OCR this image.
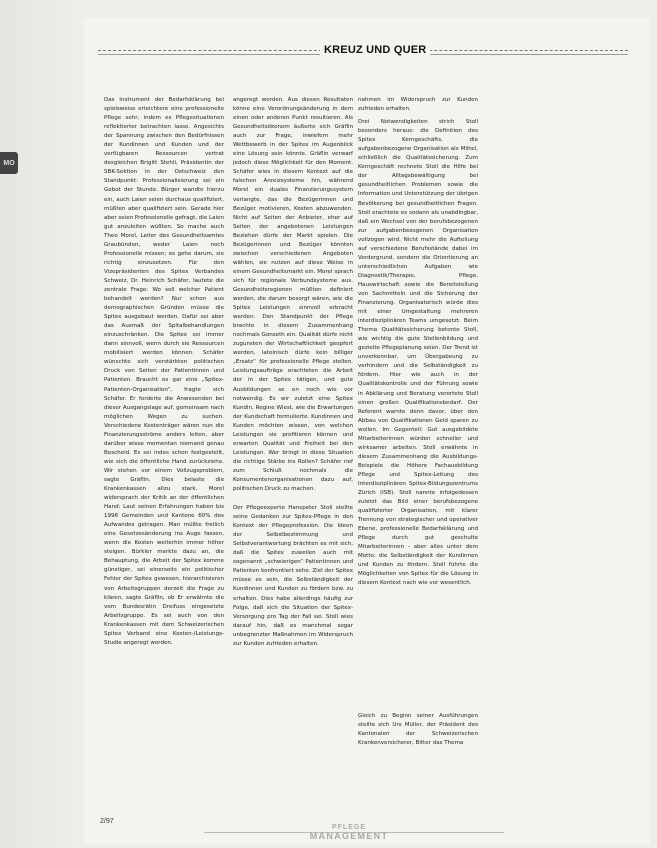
KREUZ UND QUER

Das Instrument der Bedarfsklärung bei spielsweise erleichtere eine professionelle Pflege sehr, indem es Pflegesituationen reflektierter betrachten lasse. Angesichts der Spannung zwischen den Bedürfnissen der Kundinnen und Kunden und der verfügbaren Ressourcen vertrat desgleichen Brigitt Stehli, Präsidentin der SBK-Sektion in der Ostschweiz den Standpunkt: Professionalisierung sei ein Gebot der Stunde. Bürger wandte hierzu ein, auch Laien seien durchaus qualifiziert, müßten aber qualifiziert sein. Gerade hier aber seien Professionelle gefragt, die Laien gut anzuleiten wüßten. So mache auch Theo Morel, Leiter des Gesundheitsamtes Graubünden, weder Laien noch Professionelle missen; es gehe darum, sie richtig einzusetzen. Für den Vizepräsidenten des Spitex Verbandes Schweiz, Dr. Heinrich Schäfer, lautete die zentrale Frage: Wo soll welcher Patient behandelt werden? Nur schon aus demographischen Gründen müsse die Spitex ausgebaut werden. Dafür sei aber das Ausmaß der Spitalbehandlungen einzuschränken. Die Spitex sei immer dann sinnvoll, wenn durch sie Ressourcen mobilisiert werden können. Schäfer wünschte sich verstärkten politischen Druck von Seiten der Patientinnen und Patienten. Braucht es gar eine „Spitex-Patienten-Organisation“, fragte sich Schäfer. Er forderte die Anwesenden bei dieser Ausgangslage auf, gemeinsam nach möglichen Wegen zu suchen. Verschiedene Kostenträger wären nun die Finanzierungsströme anders leiten, aber darüber wisse momentan niemand genau Bescheid. Es sei indes schon festgestellt, wie sich die öffentliche Hand zurückziehe. Wir stehen vor einem Vollzugsproblem, sagte Gräflin. Dies belaste die Krankenkassen allzu stark. Morel widersprach der Kritik an der öffentlichen Hand: Laut seinen Erfahrungen haben bis 1996 Gemeinden und Kantone 60% des Aufwandes getragen. Man müßte freilich eine Gesetzesänderung ins Auge fassen, wenn die Kosten weiterhin immer höher steigen. Bürkler merkte dazu an, die Behauptung, die Arbeit der Spitex komme günstiger, sei einerseits ein politischer Fehler der Spitex gewesen, hierarchisieren von Arbeitsgruppen derzeit die Frage zu klären, sagte Gräflin, ob Er erwähnte die vom Bundesrätin Dreifuss eingesetzte Arbeitsgruppe. Es sei auch von den Krankenkassen mit dem Schweizerischen Spitex Verband eine Kosten-/Leistungs-Studie angeregt worden.

angeregt worden. Aus diesen Resultaten könne eine Verordnungsänderung in dem einen oder anderen Punkt resultieren. Als Gesundheitsökonom äußerte sich Gräflin auch zur Frage, inwiefern mehr Wettbewerb in der Spitex im Augenblick eine Lösung sein könnte. Gräflin verwarf jedoch diese Möglichkeit für den Moment. Schäfer wies in diesem Kontext auf die falschen Anreizsysteme hin, während Morel ein duales Finanzierungssystem verlangte, das die Bezügerinnen und Bezüger motivieren, Kosten abzuwenden. Nicht auf Seiten der Anbieter, eher auf Seiten der angebotenen Leistungen Beziehen dürfe der Markt spielen. Die Bezügerinnen und Bezüger könnten zwischen verschiedenen Angeboten wählen, sie nutzen auf diese Weise in einem Gesundheitsmarkt ein. Morel sprach sich für regionale Verbundsysteme aus. Gesundheitsregionen müßten definiert werden, die darum besorgt wären, wie die Spitex Leistungen sinnvoll erbracht werden. Den Standpunkt der Pflege brachte in diesem Zusammenhang nochmals Gonseth ein. Qualität dürfe nicht zugunsten der Wirtschaftlichkeit geopfert werden, lateinisch dürfe kein billiger „Ersatz“ für professionelle Pflege stellen. Leistungsaufträge erachteten die Arbeit der in der Spitex tätigen, und gute Ausbildungen se en noch wie vor notwendig. Es wir zuletzt eine Spitex Kundin, Regine Wiest, wie die Erwartungen der Kundschaft formulierte. Kundinnen und Kunden möchten wissen, von welchen Leistungen sie profitieren können und erwarten Qualität und Freiheit bei den Leistungen. Wer bringt in diese Situation die richtige Stärke ins Rollen? Schäfer rief zum Schluß nochmals die Konsumentenorganisationen dazu auf, politischen Druck zu machen.

Der Pflegeexperte Hanspeter Stoll stellte seine Gedanken zur Spitex-Pflege in den Kontext der Pflegeprofession. Die Ideen der Selbstbestimmung und Selbstverantwortung brächten es mit sich, daß die Spitex zuweilen auch mit sogenannt „schwierigen“ Patientinnen und Patienten konfrontiert sehe. Ziel der Spitex müsse es sein, die Selbständigkeit der Kundinnen und Kunden zu fördern bzw. zu erhalten. Dies habe allerdings häufig zur Folge, daß sich die Situation der Spitex-Versorgung pro Tag der Fall sei. Stoll wies darauf hin, daß es manchmal sogar unbegrenzter Maßnahmen im Widerspruch zur Kunden zufrieden erhalten.

nahmen im Widerspruch zur Kunden zufrieden erhalten.

Drei Notwendigkeiten strich Stoll besonders heraus: die Definition des Spitex Kerngeschäfts, die aufgabenbezogene Organisation als Mittel, schließlich die Qualitätssicherung. Zum Kerngeschäft rechnete Stoll die Hilfe bei der Alltagsbewältigung bei gesundheitlichen Problemen sowie die Information und Unterstützung der übrigen Bevölkerung bei gesundheitlichen Fragen. Stoll erachtete es sodann als unabdingbar, daß ein Wechsel von der berufsbezogenen zur aufgabenbezogenen Organisation vollzogen wird. Nicht mehr die Aufteilung auf verschiedene Berufsstände dabei im Vordergrund, sondern die Orientierung an unterschiedlichen Aufgaben wie Diagnostik/Therapie, Pflege, Hauswirtschaft sowie die Bereitstellung von Sachmitteln und die Sicherung der Finanzierung. Organisatorisch würde dies mit einer Umgestaltung mehreren interdisziplinären Teams umgesetzt. Beim Thema Qualitätssicherung betonte Stoll, wie wichtig die gute Stellenbildung und gezielte Pflegeplanung seien. Der Trend ist unverkennbar, um Übergabeung zu verhindern und die Selbständigkeit zu fördern. Hier wie auch in der Qualitätskontrolle und der Führung sowie in Abklärung und Beratung verortete Stoll einen großen Qualifikationsbedarf. Der Referent warnte denn davor, über den Abbau von Qualifikationen Geld sparen zu wollen. Im Gegenteil: Gut ausgebildete Mitarbeiterinnen würden schneller und wirksamer arbeiten. Stoll erwähnte in diesem Zusammenhang die Ausbildungs-Beispiele die Höhere Fachausbildung Pflege und Spitex-Leitung des Interdisziplinären Spitex-Bildungszentrums Zürich (ISB). Stoll nannte infolgedessen zuletzt das Bild einer berufsbezogene qualifizierter Organisation, mit klarer Trennung von strategischer und operativer Ebene, professionelle Bedarfsklärung und Pflege durch gut geschulte Mitarbeiterinnen - aber alles unter dem Motto: die Selbständigkeit der Kundinnen und Kunden zu fördern. Stoll führte die Möglichkeiten von Spitex für die Lösung in diesem Kontext nach wie vor wesentlich.

Gleich zu Beginn seiner Ausführungen stellte sich Urs Müller, der Präsident des Kantonalen der Schweizerischen Krankenversicherer, Bitter das Thema

2/97
PFLEGE
MANAGEMENT
MO
